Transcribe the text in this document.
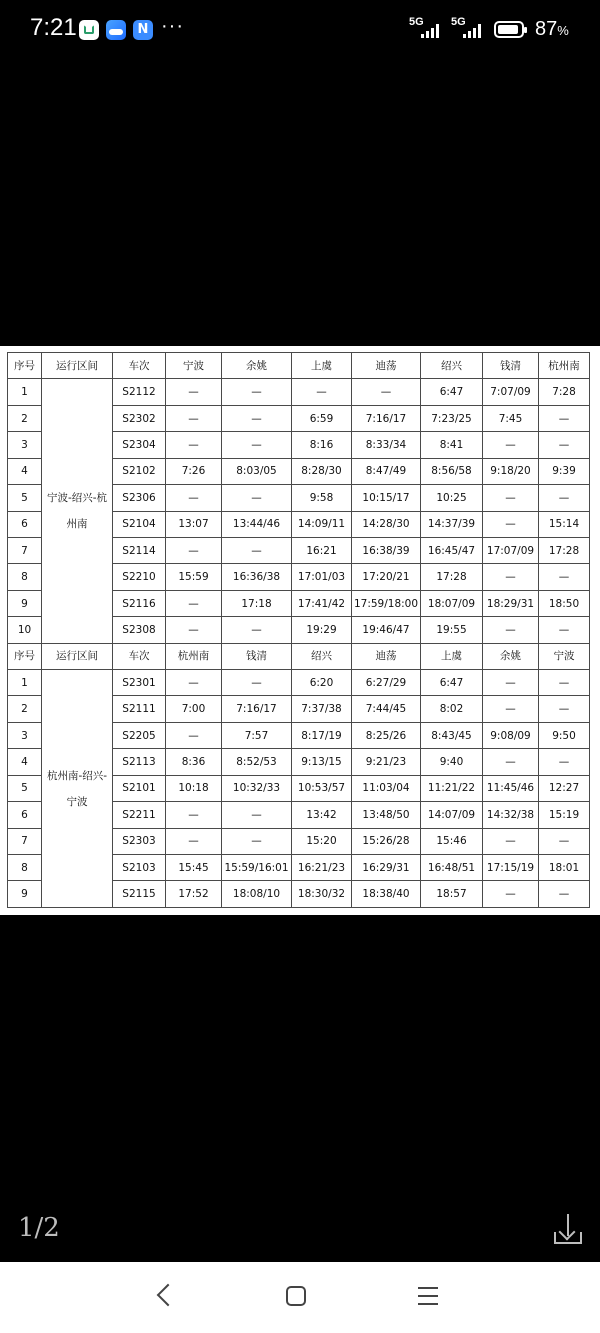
7:21 N	···	5G 5G	87%
序号	运行区间	车次	宁波	余姚	上虞	迪荡	绍兴	钱清	杭州南
1	宁波-绍兴-杭州南	S2112	—	—	—	—	6:47	7:07/09	7:28
2		S2302	—	—	6:59	7:16/17	7:23/25	7:45	—
3		S2304	—	—	8:16	8:33/34	8:41	—	—
4		S2102	7:26	8:03/05	8:28/30	8:47/49	8:56/58	9:18/20	9:39
5		S2306	—	—	9:58	10:15/17	10:25	—	—
6		S2104	13:07	13:44/46	14:09/11	14:28/30	14:37/39	—	15:14
7		S2114	—	—	16:21	16:38/39	16:45/47	17:07/09	17:28
8		S2210	15:59	16:36/38	17:01/03	17:20/21	17:28	—	—
9		S2116	—	17:18	17:41/42	17:59/18:00	18:07/09	18:29/31	18:50
10		S2308	—	—	19:29	19:46/47	19:55	—	—
序号	运行区间	车次	杭州南	钱清	绍兴	迪荡	上虞	余姚	宁波
1	杭州南-绍兴-宁波	S2301	—	—	6:20	6:27/29	6:47	—	—
2		S2111	7:00	7:16/17	7:37/38	7:44/45	8:02	—	—
3		S2205	—	7:57	8:17/19	8:25/26	8:43/45	9:08/09	9:50
4		S2113	8:36	8:52/53	9:13/15	9:21/23	9:40	—	—
5		S2101	10:18	10:32/33	10:53/57	11:03/04	11:21/22	11:45/46	12:27
6		S2211	—	—	13:42	13:48/50	14:07/09	14:32/38	15:19
7		S2303	—	—	15:20	15:26/28	15:46	—	—
8		S2103	15:45	15:59/16:01	16:21/23	16:29/31	16:48/51	17:15/19	18:01
9		S2115	17:52	18:08/10	18:30/32	18:38/40	18:57	—	—
1/2
